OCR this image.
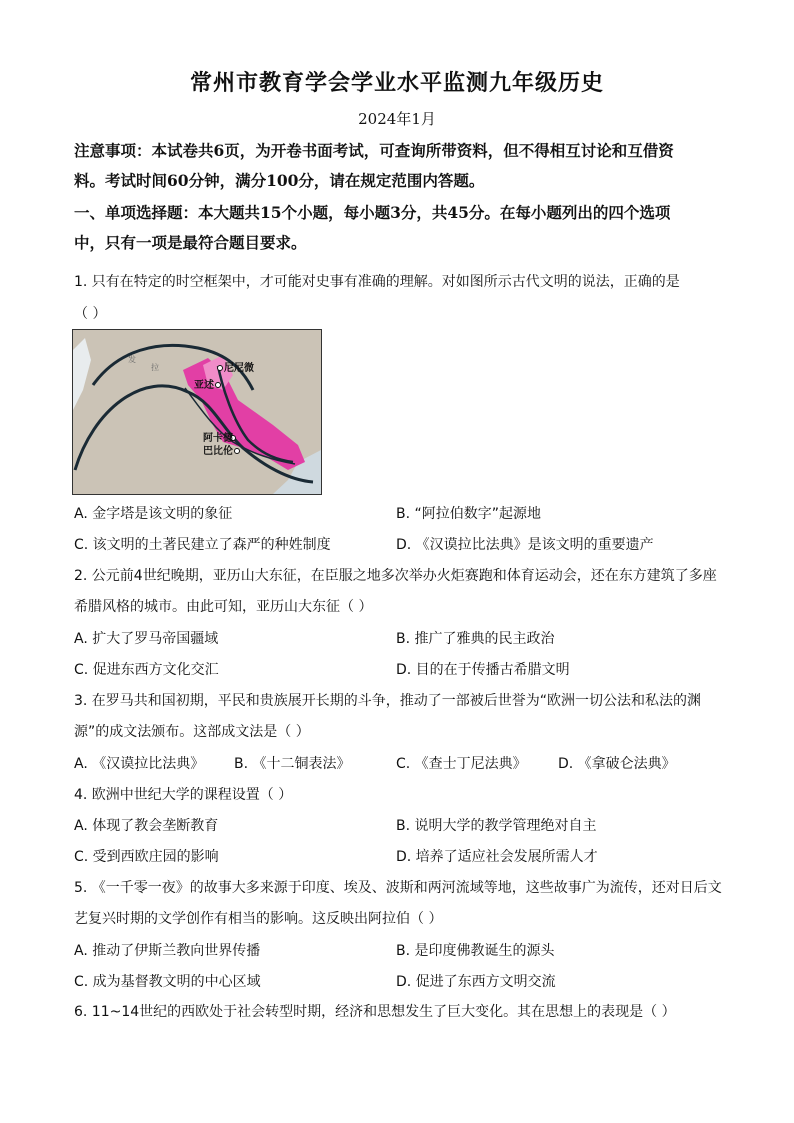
常州市教育学会学业水平监测九年级历史
2024年1月
注意事项：本试卷共6页，为开卷书面考试，可查询所带资料，但不得相互讨论和互借资
料。考试时间60分钟，满分100分，请在规定范围内答题。
一、单项选择题：本大题共15个小题，每小题3分，共45分。在每小题列出的四个选项
中，只有一项是最符合题目要求。
1. 只有在特定的时空框架中，才可能对史事有准确的理解。对如图所示古代文明的说法，正确的是
（ ）
尼尼微
亚述
阿卡德
巴比伦
发
拉
A. 金字塔是该文明的象征	B. “阿拉伯数字”起源地
C. 该文明的土著民建立了森严的种姓制度	D. 《汉谟拉比法典》是该文明的重要遗产
2. 公元前4世纪晚期，亚历山大东征，在臣服之地多次举办火炬赛跑和体育运动会，还在东方建筑了多座
希腊风格的城市。由此可知，亚历山大东征（ ）
A. 扩大了罗马帝国疆域	B. 推广了雅典的民主政治
C. 促进东西方文化交汇	D. 目的在于传播古希腊文明
3. 在罗马共和国初期，平民和贵族展开长期的斗争，推动了一部被后世誉为“欧洲一切公法和私法的渊
源”的成文法颁布。这部成文法是（ ）
A. 《汉谟拉比法典》 B. 《十二铜表法》	C. 《查士丁尼法典》 D. 《拿破仑法典》
4. 欧洲中世纪大学的课程设置（ ）
A. 体现了教会垄断教育	B. 说明大学的教学管理绝对自主
C. 受到西欧庄园的影响	D. 培养了适应社会发展所需人才
5. 《一千零一夜》的故事大多来源于印度、埃及、波斯和两河流域等地，这些故事广为流传，还对日后文
艺复兴时期的文学创作有相当的影响。这反映出阿拉伯（ ）
A. 推动了伊斯兰教向世界传播	B. 是印度佛教诞生的源头
C. 成为基督教文明的中心区域	D. 促进了东西方文明交流
6. 11~14世纪的西欧处于社会转型时期，经济和思想发生了巨大变化。其在思想上的表现是（ ）
